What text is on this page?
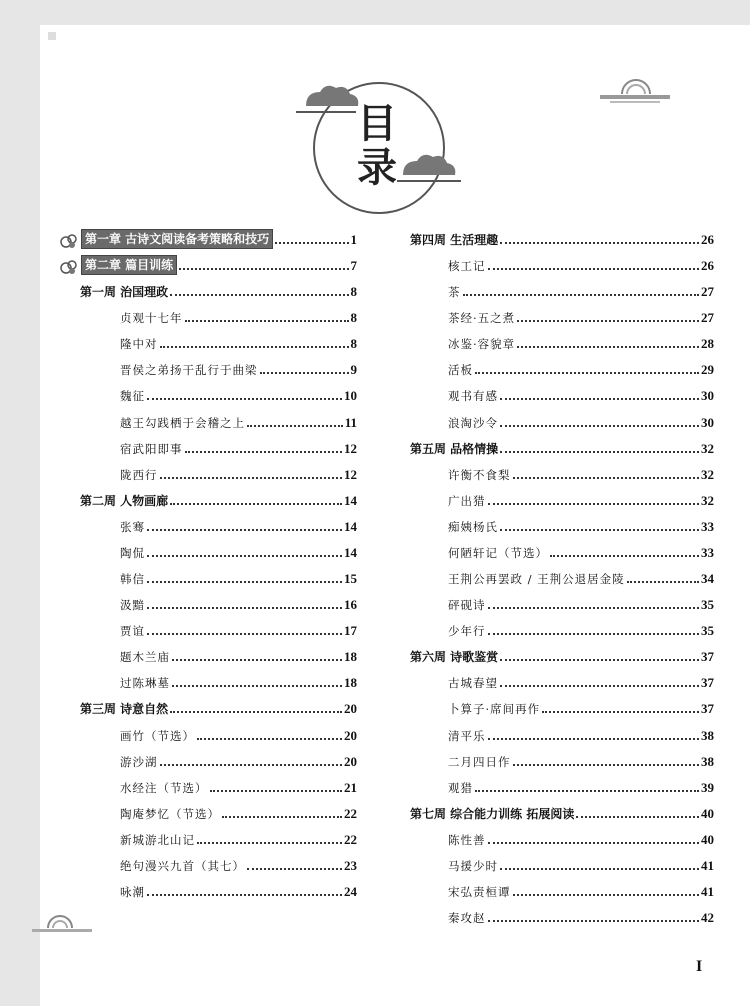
目
录
第一章 古诗文阅读备考策略和技巧	1
第二章 篇目训练	7
第一周 治国理政	8
贞观十七年	8
隆中对	8
晋侯之弟扬干乱行于曲梁	9
魏征	10
越王勾践栖于会稽之上	11
宿武阳即事	12
陇西行	12
第二周 人物画廊	14
张骞	14
陶侃	14
韩信	15
汲黯	16
贾谊	17
题木兰庙	18
过陈琳墓	18
第三周 诗意自然	20
画竹（节选）	20
游沙湖	20
水经注（节选）	21
陶庵梦忆（节选）	22
新城游北山记	22
绝句漫兴九首（其七）	23
咏潮	24
第四周 生活理趣	26
核工记	26
茶	27
茶经·五之煮	27
冰鉴·容貌章	28
活板	29
观书有感	30
浪淘沙令	30
第五周 品格情操	32
许衡不食梨	32
广出猎	32
痴姨杨氏	33
何陋轩记（节选）	33
王荆公再罢政 / 王荆公退居金陵	34
砰砚诗	35
少年行	35
第六周 诗歌鉴赏	37
古城春望	37
卜算子·席间再作	37
清平乐	38
二月四日作	38
观猎	39
第七周 综合能力训练 拓展阅读	40
陈性善	40
马援少时	41
宋弘责桓谭	41
秦攻赵	42
I
